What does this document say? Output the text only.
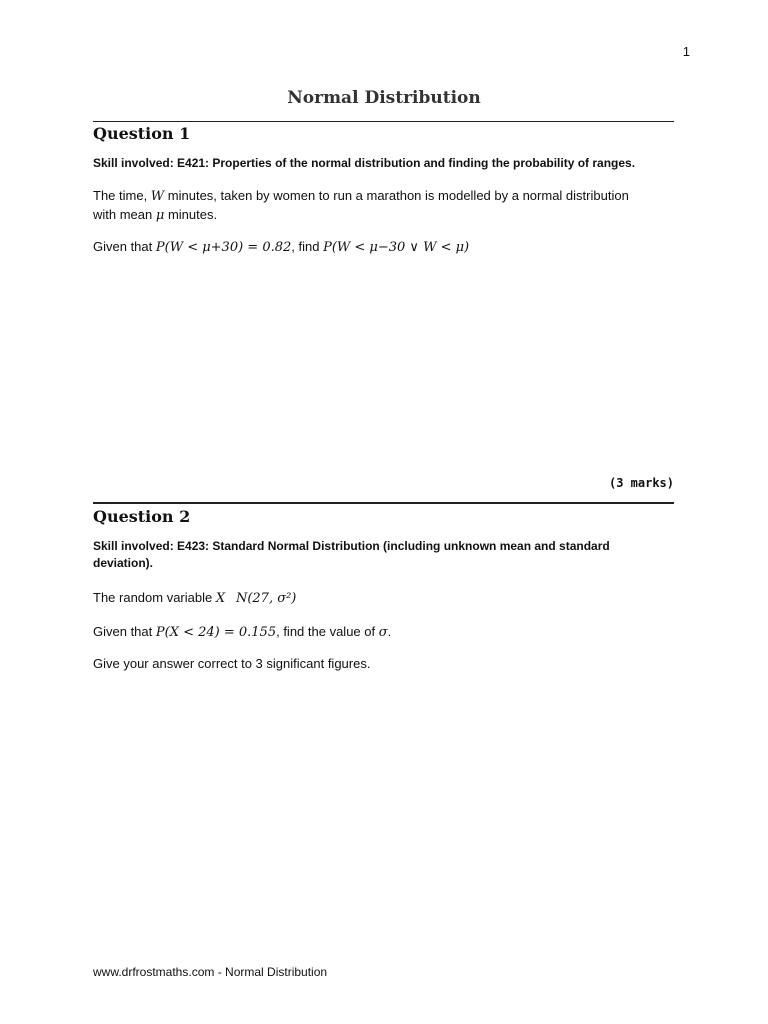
1
Normal Distribution
Question 1
Skill involved: E421: Properties of the normal distribution and finding the probability of ranges.
The time, W minutes, taken by women to run a marathon is modelled by a normal distribution with mean μ minutes.
Given that P(W < μ+30) = 0.82, find P(W < μ−30 ∨ W < μ)
(3 marks)
Question 2
Skill involved: E423: Standard Normal Distribution (including unknown mean and standard deviation).
The random variable X N(27, σ²)
Given that P(X < 24) = 0.155, find the value of σ.
Give your answer correct to 3 significant figures.
www.drfrostmaths.com - Normal Distribution
